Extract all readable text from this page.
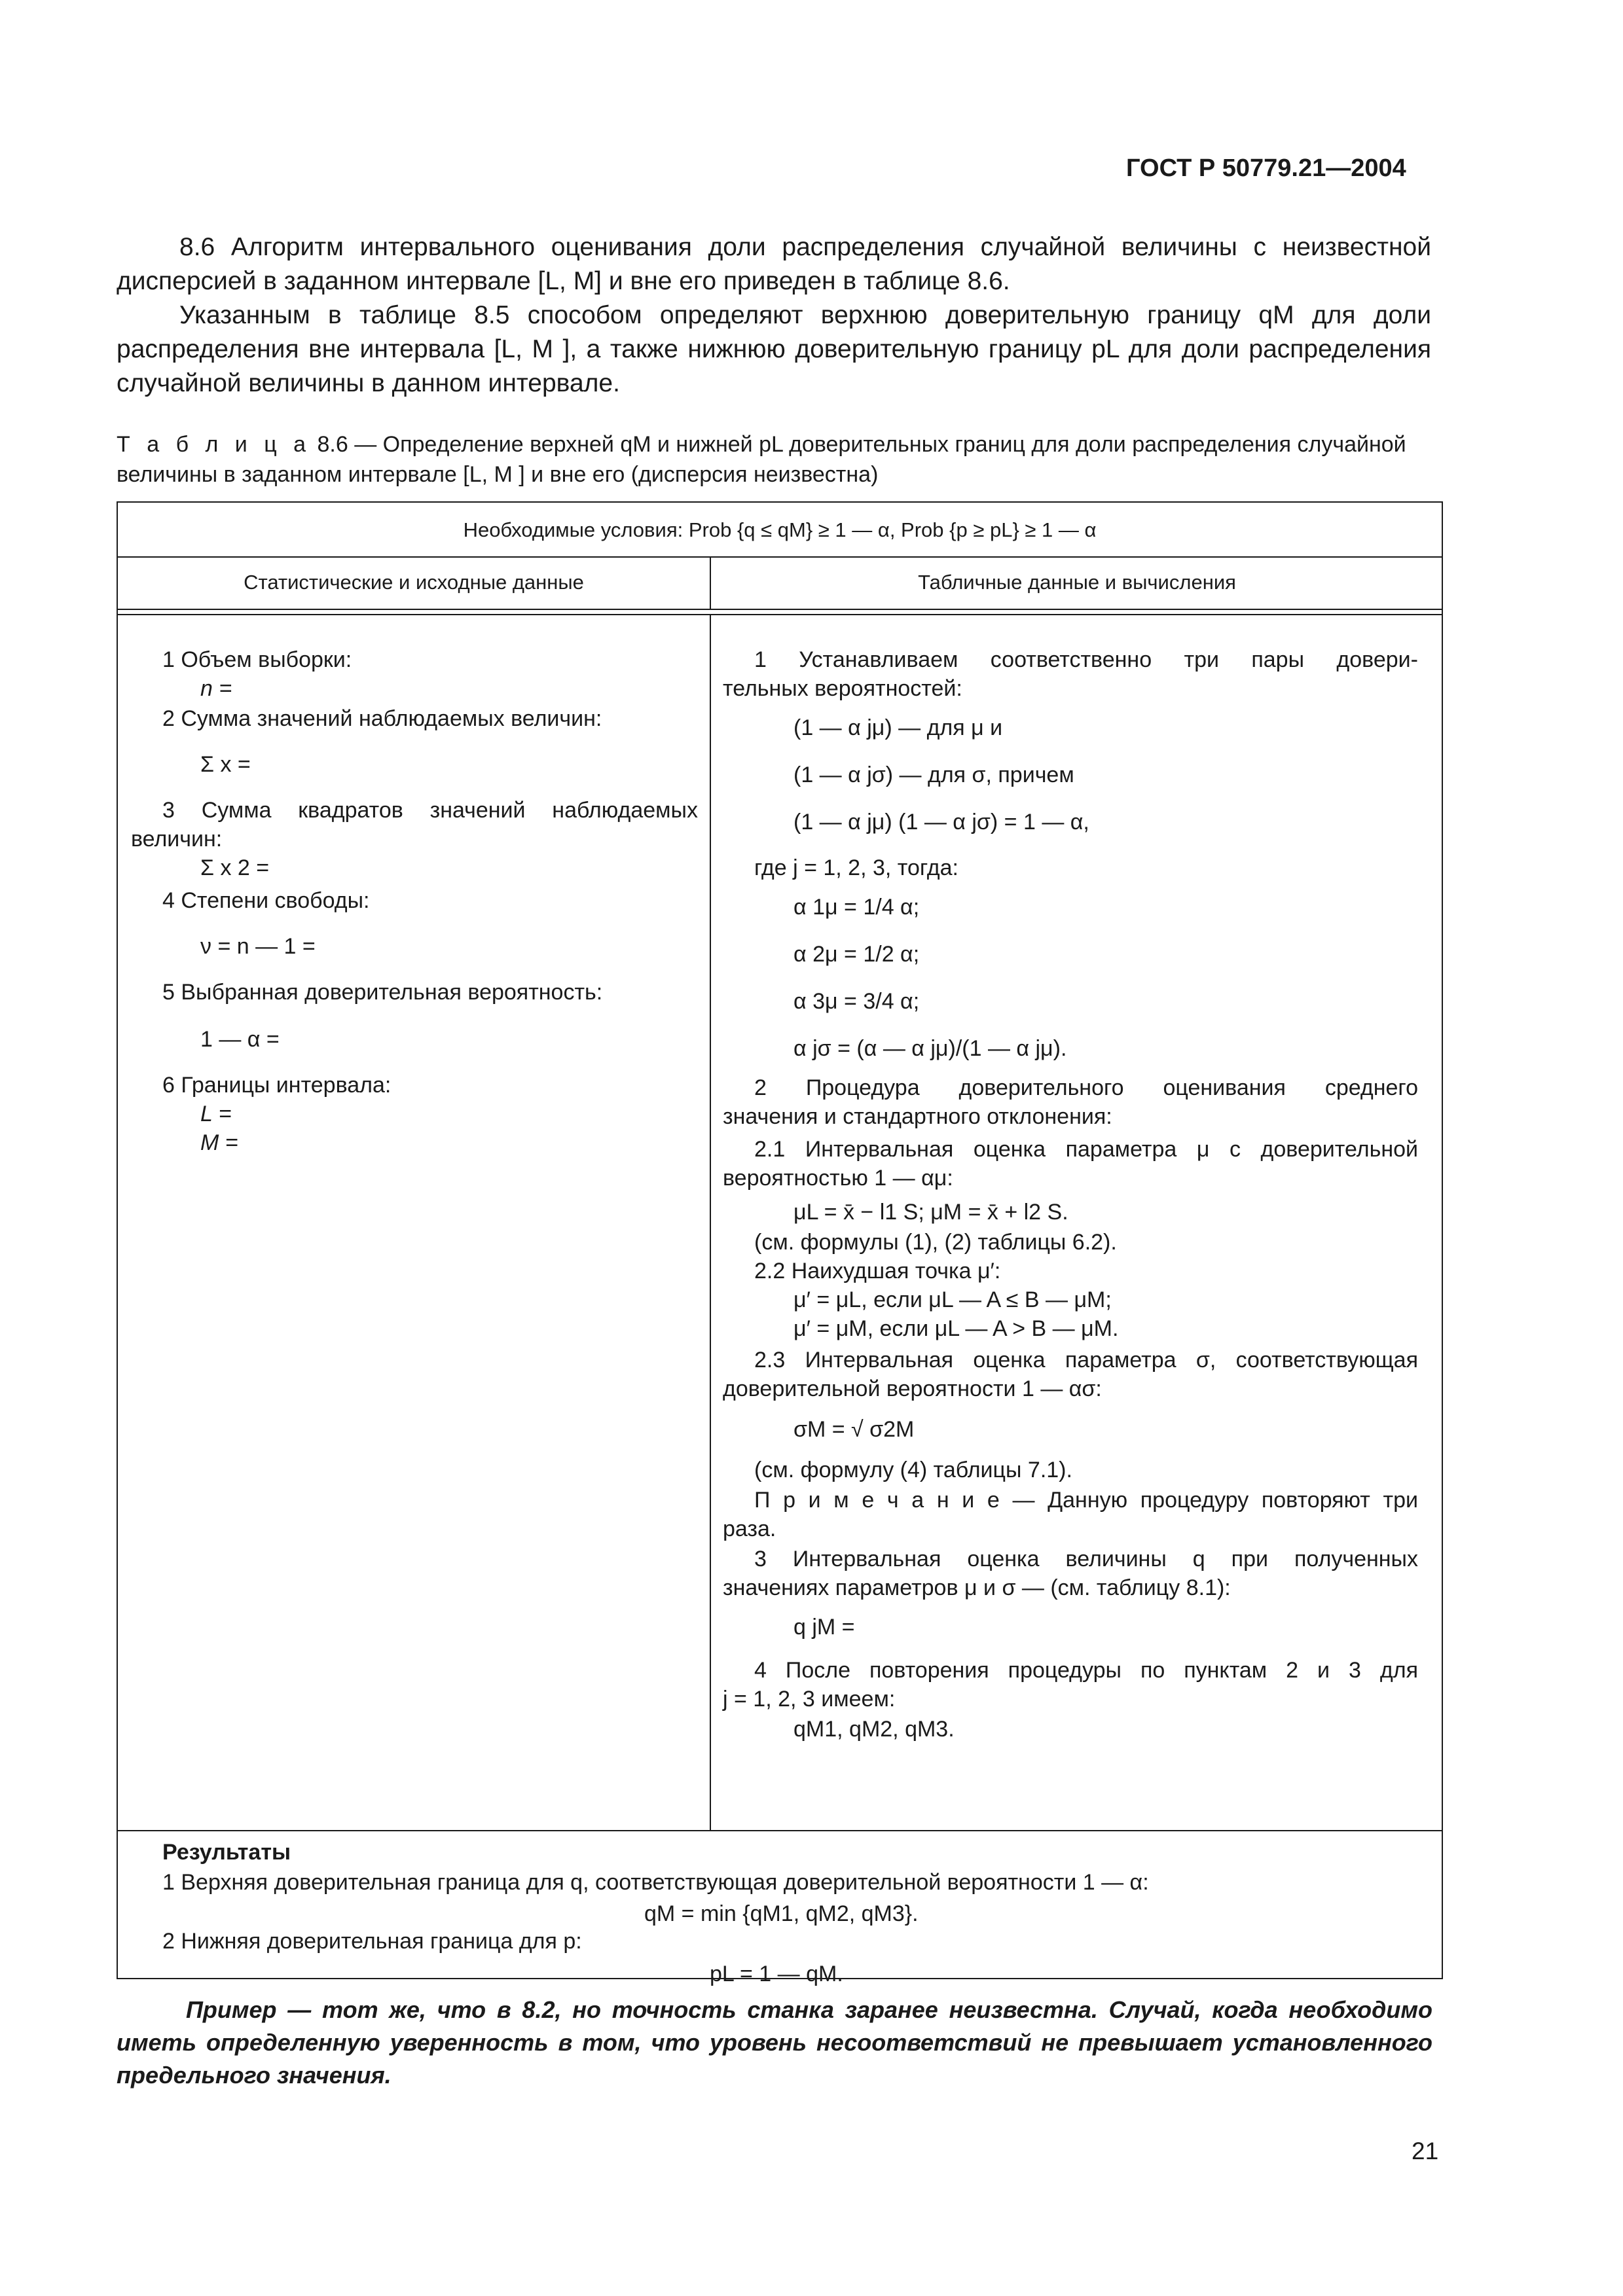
ГОСТ Р 50779.21—2004
8.6 Алгоритм интервального оценивания доли распределения случайной величины с неизвестной дисперсией в заданном интервале [L, M] и вне его приведен в таблице 8.6.
Указанным в таблице 8.5 способом определяют верхнюю доверительную границу qM для доли распределения вне интервала [L, M ], а также нижнюю доверительную границу pL для доли распределения случайной величины в данном интервале.
Т а б л и ц а 8.6 — Определение верхней qM и нижней pL доверительных границ для доли распределения случайной величины в заданном интервале [L, M ] и вне его (дисперсия неизвестна)
Необходимые условия: Prob {q ≤ qM} ≥ 1 — α, Prob {p ≥ pL} ≥ 1 — α
Статистические и исходные данные	Табличные данные и вычисления
1 Объем выборки:
n =
2 Сумма значений наблюдаемых величин:
Σ x =
3 Сумма квадратов значений наблюдаемых
величин:
Σ x 2 =
4 Степени свободы:
ν = n — 1 =
5 Выбранная доверительная вероятность:
1 — α =
6 Границы интервала:
L =
M =
1 Устанавливаем соответственно три пары довери-
тельных вероятностей:
(1 — α jμ) — для μ и
(1 — α jσ) — для σ, причем
(1 — α jμ) (1 — α jσ) = 1 — α,
где j = 1, 2, 3, тогда:
α 1μ = 1/4 α;
α 2μ = 1/2 α;
α 3μ = 3/4 α;
α jσ = (α — α jμ)/(1 — α jμ).
2 Процедура доверительного оценивания среднего
значения и стандартного отклонения:
2.1 Интервальная оценка параметра μ с доверительной
вероятностью 1 — αμ:
μL = x̄ − l1 S; μM = x̄ + l2 S.
(см. формулы (1), (2) таблицы 6.2).
2.2 Наихудшая точка μ′:
μ′ = μL, если μL — A ≤ B — μM;
μ′ = μM, если μL — A > B — μM.
2.3 Интервальная оценка параметра σ, соответствующая
доверительной вероятности 1 — ασ:
σM = √ σ2M
(см. формулу (4) таблицы 7.1).
П р и м е ч а н и е — Данную процедуру повторяют три
раза.
3 Интервальная оценка величины q при полученных
значениях параметров μ и σ — (см. таблицу 8.1):
q jM =
4 После повторения процедуры по пунктам 2 и 3 для
j = 1, 2, 3 имеем:
qM1, qM2, qM3.
Результаты
1 Верхняя доверительная граница для q, соответствующая доверительной вероятности 1 — α:
qM = min {qM1, qM2, qM3}.
2 Нижняя доверительная граница для p:
pL = 1 — qM.
Пример — тот же, что в 8.2, но точность станка заранее неизвестна. Случай, когда необходимо иметь определенную уверенность в том, что уровень несоответствий не превышает установленного предельного значения.
21
